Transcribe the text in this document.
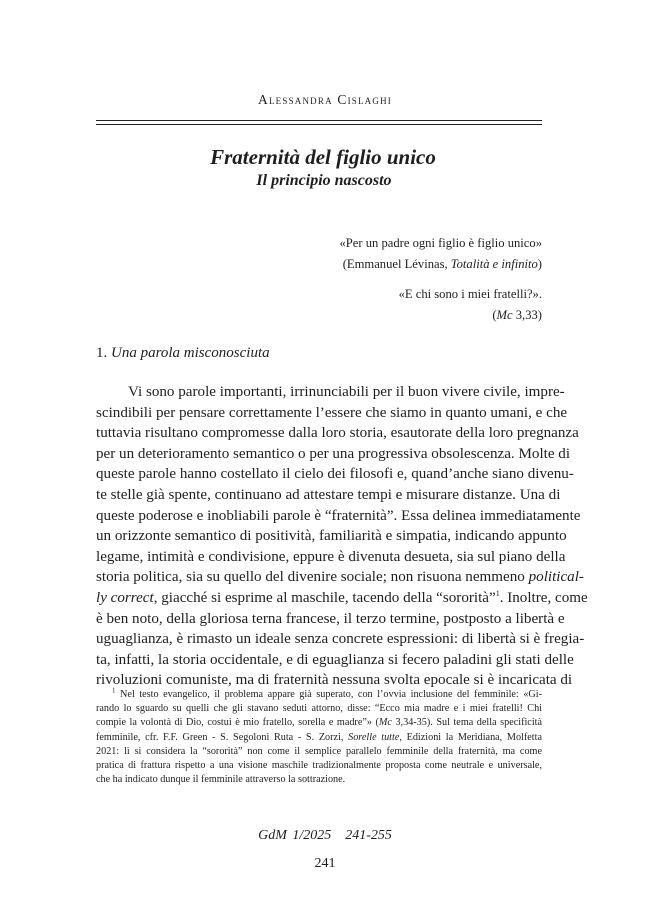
Alessandra Cislaghi
Fraternità del figlio unico
Il principio nascosto
«Per un padre ogni figlio è figlio unico»
(Emmanuel Lévinas, Totalità e infinito)
«E chi sono i miei fratelli?».
(Mc 3,33)
1. Una parola misconosciuta
Vi sono parole importanti, irrinunciabili per il buon vivere civile, impre-
scindibili per pensare correttamente l’essere che siamo in quanto umani, e che
tuttavia risultano compromesse dalla loro storia, esautorate della loro pregnanza
per un deterioramento semantico o per una progressiva obsolescenza. Molte di
queste parole hanno costellato il cielo dei filosofi e, quand’anche siano divenu-
te stelle già spente, continuano ad attestare tempi e misurare distanze. Una di
queste poderose e inobliabili parole è “fraternità”. Essa delinea immediatamente
un orizzonte semantico di positività, familiarità e simpatia, indicando appunto
legame, intimità e condivisione, eppure è divenuta desueta, sia sul piano della
storia politica, sia su quello del divenire sociale; non risuona nemmeno political-
ly correct, giacché si esprime al maschile, tacendo della “sororità”$^1$. Inoltre, come
è ben noto, della gloriosa terna francese, il terzo termine, postposto a libertà e
uguaglianza, è rimasto un ideale senza concrete espressioni: di libertà si è fregia-
ta, infatti, la storia occidentale, e di eguaglianza si fecero paladini gli stati delle
rivoluzioni comuniste, ma di fraternità nessuna svolta epocale si è incaricata di
$^1$ Nel testo evangelico, il problema appare già superato, con l’ovvia inclusione del femminile: «Gi-
rando lo sguardo su quelli che gli stavano seduti attorno, disse: “Ecco mia madre e i miei fratelli! Chi
compie la volontà di Dio, costui è mio fratello, sorella e madre”» (Mc 3,34-35). Sul tema della specificità
femminile, cfr. F.F. Green - S. Segoloni Ruta - S. Zorzi, Sorelle tutte, Edizioni la Meridiana, Molfetta
2021: lì si considera la “sororità” non come il semplice parallelo femminile della fraternità, ma come
pratica di frattura rispetto a una visione maschile tradizionalmente proposta come neutrale e universale,
che ha indicato dunque il femminile attraverso la sottrazione.
GdM 1/2025 241-255
241
